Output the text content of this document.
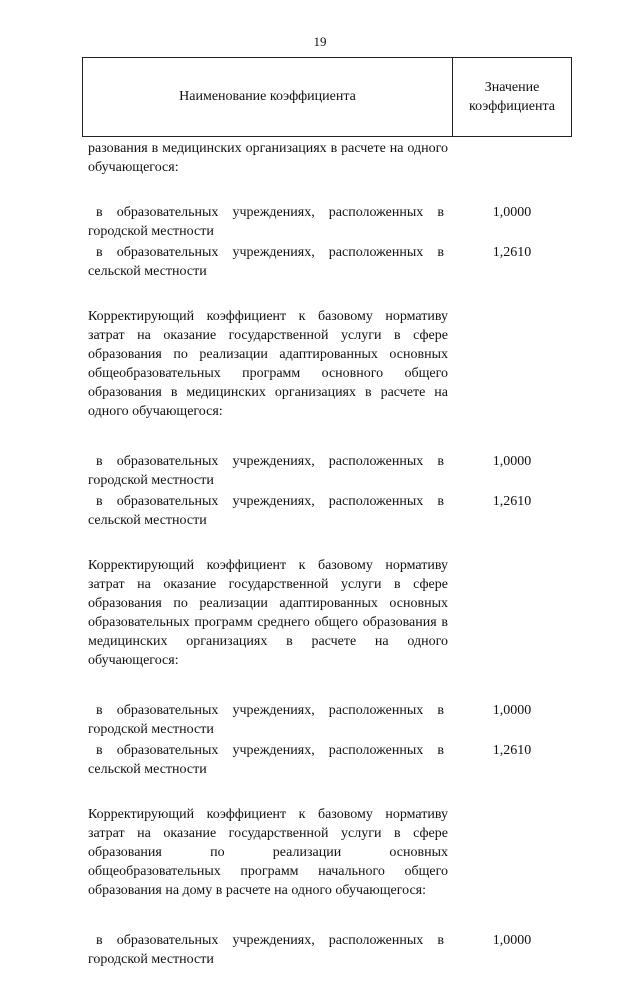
19
Наименование коэффициента
Значение
коэффициента
разования в медицинских организациях в расчете на одного обучающегося:
в образовательных учреждениях, расположенных в городской местности
1,0000
в образовательных учреждениях, расположенных в сельской местности
1,2610
Корректирующий коэффициент к базовому нормативу затрат на оказание государственной услуги в сфере образования по реализации адаптированных основных общеобразовательных программ основного общего образования в медицинских организациях в расчете на одного обучающегося:
в образовательных учреждениях, расположенных в городской местности
1,0000
в образовательных учреждениях, расположенных в сельской местности
1,2610
Корректирующий коэффициент к базовому нормативу затрат на оказание государственной услуги в сфере образования по реализации адаптированных основных образовательных программ среднего общего образования в медицинских организациях в расчете на одного обучающегося:
в образовательных учреждениях, расположенных в городской местности
1,0000
в образовательных учреждениях, расположенных в сельской местности
1,2610
Корректирующий коэффициент к базовому нормативу затрат на оказание государственной услуги в сфере образования по реализации основных общеобразовательных программ начального общего образования на дому в расчете на одного обучающегося:
в образовательных учреждениях, расположенных в городской местности
1,0000
